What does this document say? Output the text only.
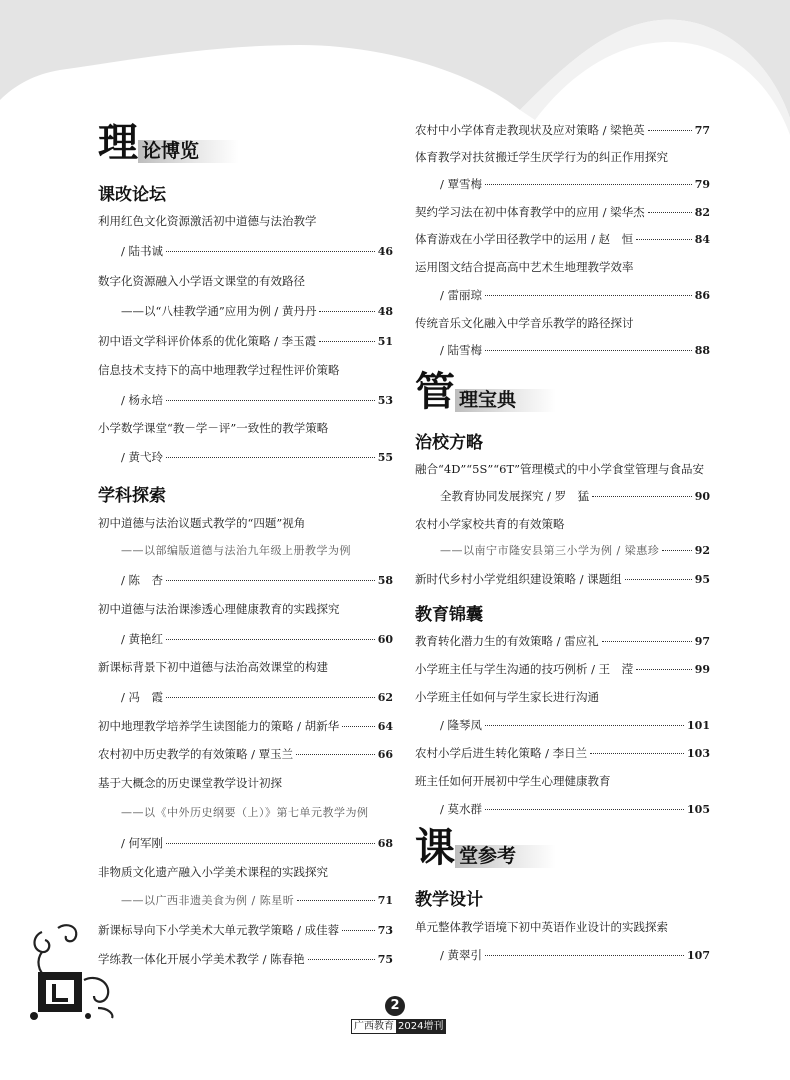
理 论博览
课改论坛
利用红色文化资源激活初中道德与法治教学
/ 陆书诚	46
数字化资源融入小学语文课堂的有效路径
——以“八桂教学通”应用为例 / 黄丹丹	48
初中语文学科评价体系的优化策略 / 李玉霞	51
信息技术支持下的高中地理教学过程性评价策略
/ 杨永培	53
小学数学课堂“教－学－评”一致性的教学策略
/ 黄弋玲	55
学科探索
初中道德与法治议题式教学的“四题”视角
——以部编版道德与法治九年级上册教学为例
/ 陈　杏	58
初中道德与法治课渗透心理健康教育的实践探究
/ 黄艳红	60
新课标背景下初中道德与法治高效课堂的构建
/ 冯　霞	62
初中地理教学培养学生读图能力的策略 / 胡新华	64
农村初中历史教学的有效策略 / 覃玉兰	66
基于大概念的历史课堂教学设计初探
——以《中外历史纲要（上）》第七单元教学为例
/ 何军刚	68
非物质文化遗产融入小学美术课程的实践探究
——以广西非遗美食为例 / 陈星昕	71
新课标导向下小学美术大单元教学策略 / 成佳蓉	73
学练教一体化开展小学美术教学 / 陈春艳	75
农村中小学体育走教现状及应对策略 / 梁艳英	77
体育教学对扶贫搬迁学生厌学行为的纠正作用探究
/ 覃雪梅	79
契约学习法在初中体育教学中的应用 / 梁华杰	82
体育游戏在小学田径教学中的运用 / 赵　恒	84
运用图文结合提高高中艺术生地理教学效率
/ 雷丽琼	86
传统音乐文化融入中学音乐教学的路径探讨
/ 陆雪梅	88
管 理宝典
治校方略
融合“4D”“5S”“6T”管理模式的中小学食堂管理与食品安
全教育协同发展探究 / 罗　猛	90
农村小学家校共育的有效策略
——以南宁市隆安县第三小学为例 / 梁惠珍	92
新时代乡村小学党组织建设策略 / 课题组	95
教育锦囊
教育转化潜力生的有效策略 / 雷应礼	97
小学班主任与学生沟通的技巧例析 / 王　滢	99
小学班主任如何与学生家长进行沟通
/ 隆琴凤	101
农村小学后进生转化策略 / 李日兰	103
班主任如何开展初中学生心理健康教育
/ 莫水群	105
课 堂参考
教学设计
单元整体教学语境下初中英语作业设计的实践探索
/ 黄翠引	107
2
广西教育 2024增刊
